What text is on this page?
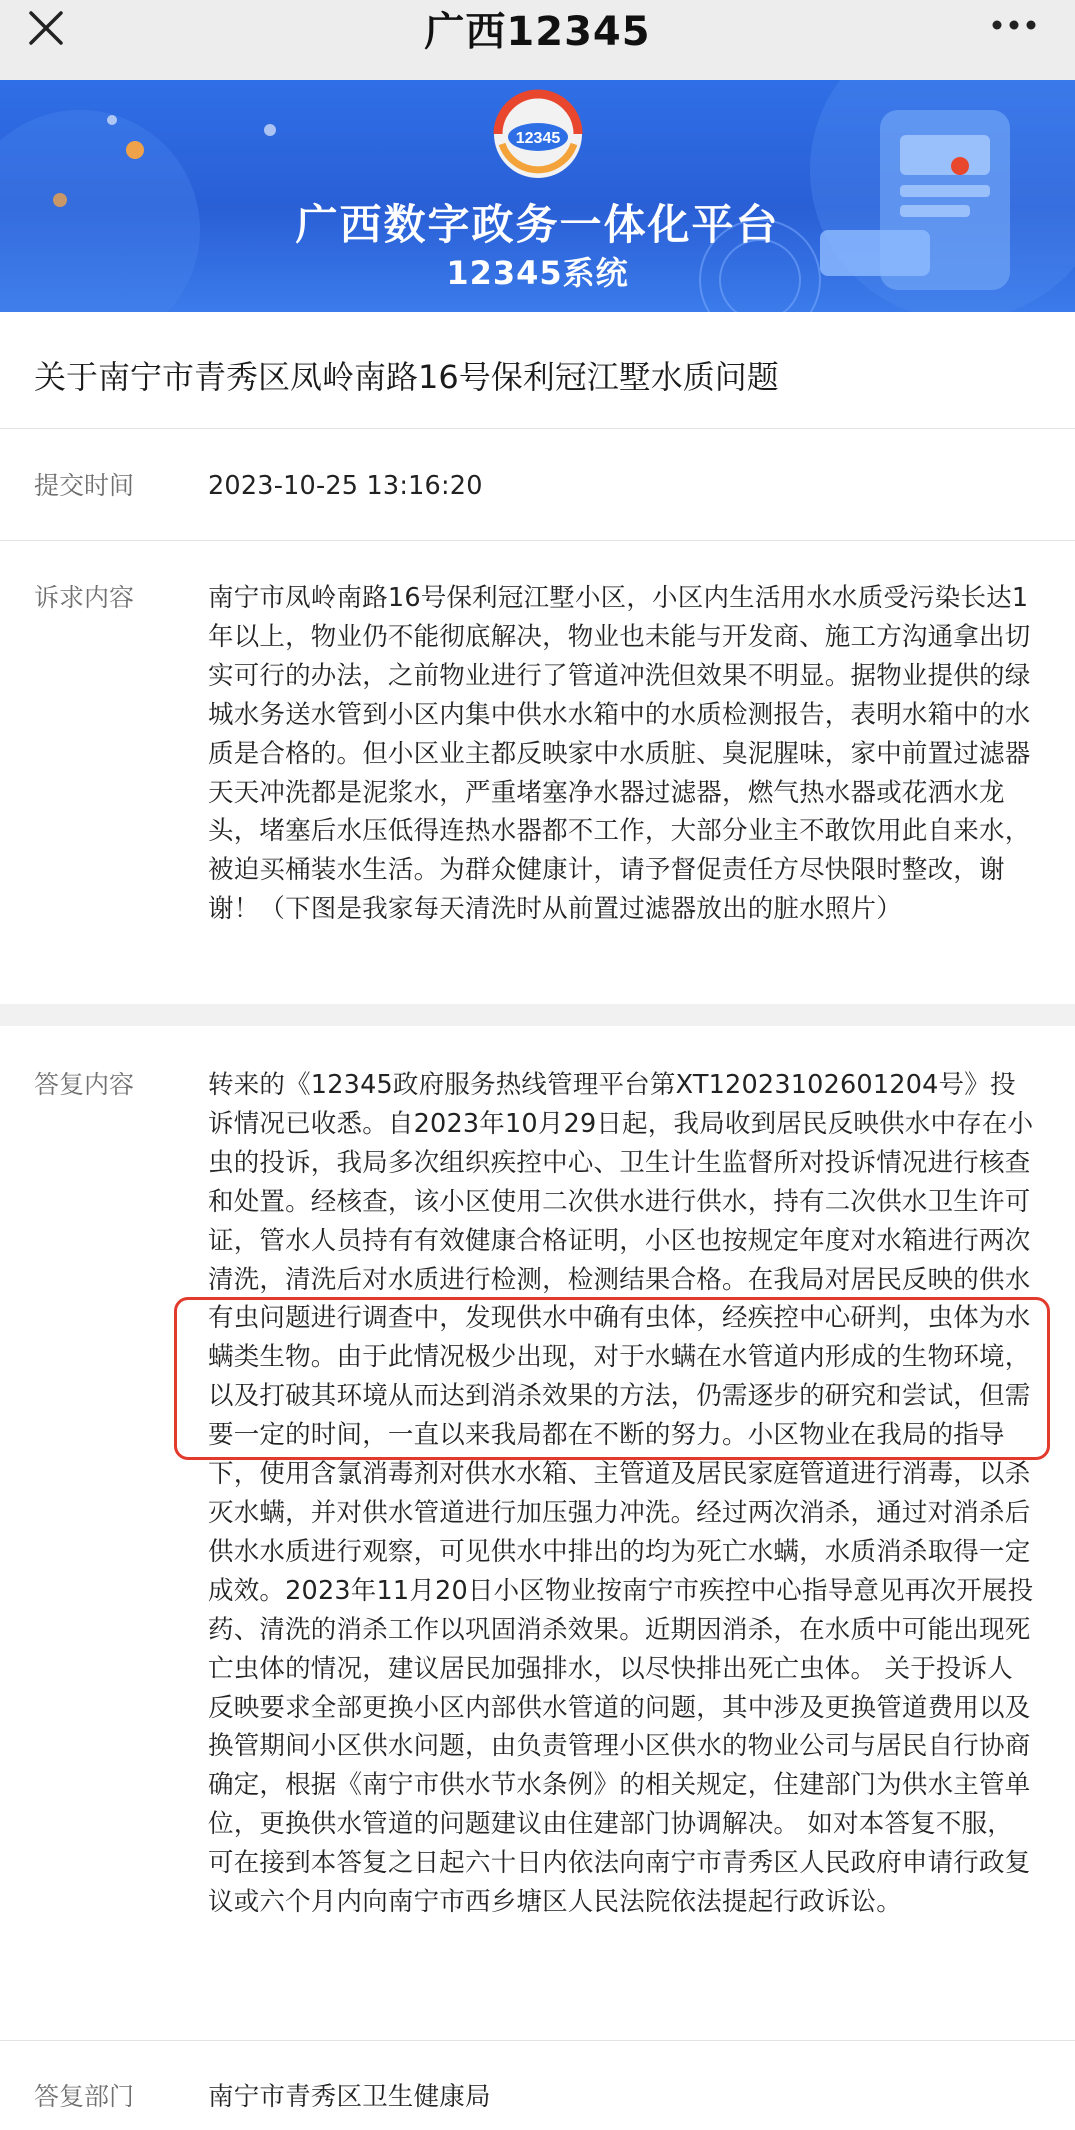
广西12345
12345
广西数字政务一体化平台
12345系统
关于南宁市青秀区凤岭南路16号保利冠江墅水质问题
提交时间	2023-10-25 13:16:20
诉求内容	南宁市凤岭南路16号保利冠江墅小区，小区内生活用水水质受污染长达1年以上，物业仍不能彻底解决，物业也未能与开发商、施工方沟通拿出切实可行的办法，之前物业进行了管道冲洗但效果不明显。据物业提供的绿城水务送水管到小区内集中供水水箱中的水质检测报告，表明水箱中的水质是合格的。但小区业主都反映家中水质脏、臭泥腥味，家中前置过滤器天天冲洗都是泥浆水，严重堵塞净水器过滤器，燃气热水器或花洒水龙头，堵塞后水压低得连热水器都不工作，大部分业主不敢饮用此自来水，被迫买桶装水生活。为群众健康计，请予督促责任方尽快限时整改，谢谢！（下图是我家每天清洗时从前置过滤器放出的脏水照片）
答复内容	转来的《12345政府服务热线管理平台第XT12023102601204号》投诉情况已收悉。自2023年10月29日起，我局收到居民反映供水中存在小虫的投诉，我局多次组织疾控中心、卫生计生监督所对投诉情况进行核查和处置。经核查，该小区使用二次供水进行供水，持有二次供水卫生许可证，管水人员持有有效健康合格证明，小区也按规定年度对水箱进行两次清洗，清洗后对水质进行检测，检测结果合格。在我局对居民反映的供水有虫问题进行调查中，发现供水中确有虫体，经疾控中心研判，虫体为水螨类生物。由于此情况极少出现，对于水螨在水管道内形成的生物环境，以及打破其环境从而达到消杀效果的方法，仍需逐步的研究和尝试，但需要一定的时间，一直以来我局都在不断的努力。小区物业在我局的指导下，使用含氯消毒剂对供水水箱、主管道及居民家庭管道进行消毒，以杀灭水螨，并对供水管道进行加压强力冲洗。经过两次消杀，通过对消杀后供水水质进行观察，可见供水中排出的均为死亡水螨，水质消杀取得一定成效。2023年11月20日小区物业按南宁市疾控中心指导意见再次开展投药、清洗的消杀工作以巩固消杀效果。近期因消杀，在水质中可能出现死亡虫体的情况，建议居民加强排水，以尽快排出死亡虫体。 关于投诉人反映要求全部更换小区内部供水管道的问题，其中涉及更换管道费用以及换管期间小区供水问题，由负责管理小区供水的物业公司与居民自行协商确定，根据《南宁市供水节水条例》的相关规定，住建部门为供水主管单位，更换供水管道的问题建议由住建部门协调解决。 如对本答复不服，可在接到本答复之日起六十日内依法向南宁市青秀区人民政府申请行政复议或六个月内向南宁市西乡塘区人民法院依法提起行政诉讼。
答复部门	南宁市青秀区卫生健康局
